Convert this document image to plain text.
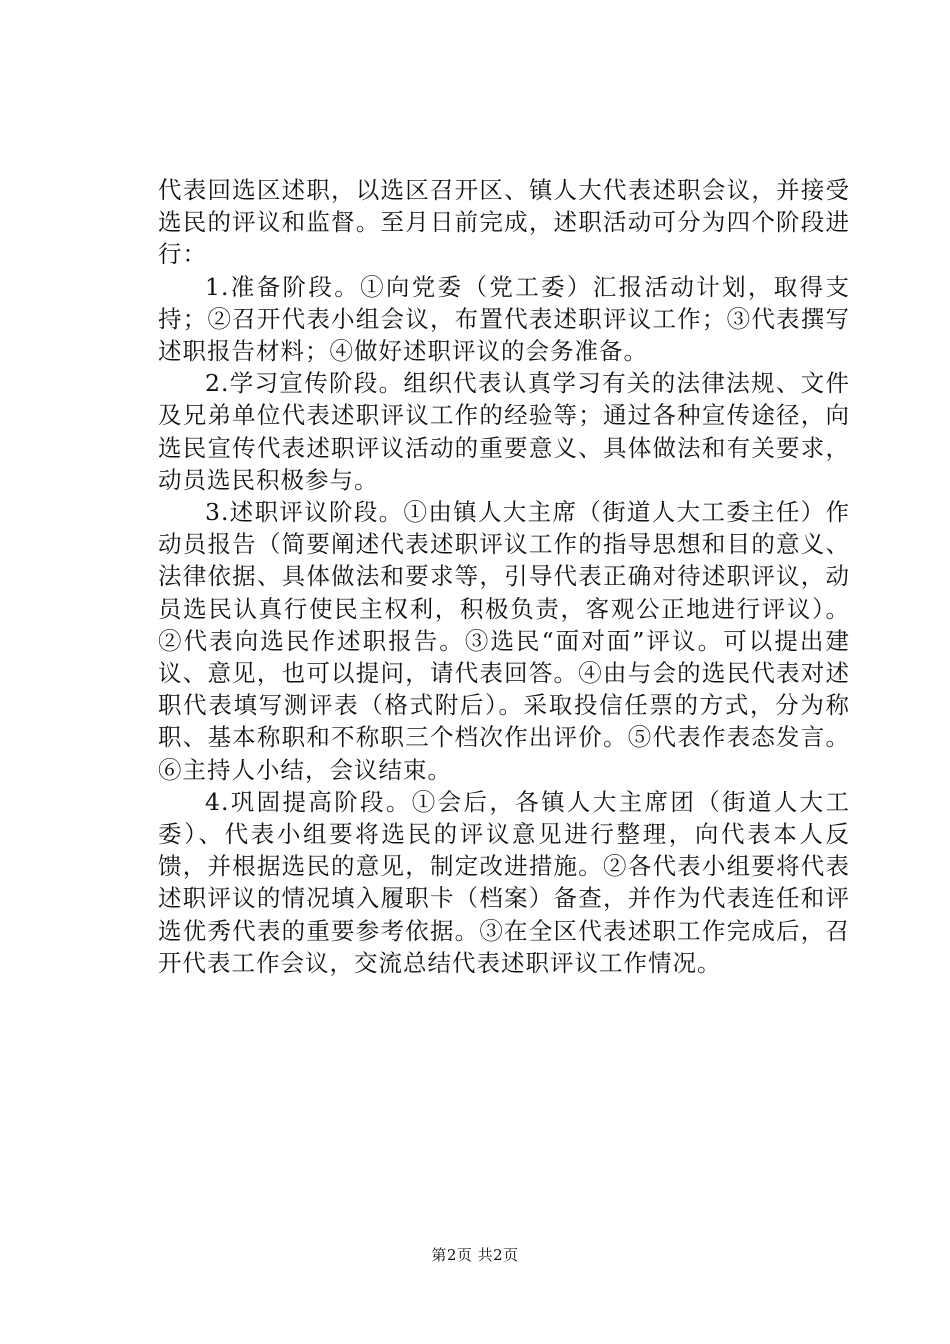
代表回选区述职，以选区召开区、镇人大代表述职会议，并接受选民的评议和监督。至月日前完成，述职活动可分为四个阶段进行：

1.准备阶段。①向党委（党工委）汇报活动计划，取得支持；②召开代表小组会议，布置代表述职评议工作；③代表撰写述职报告材料；④做好述职评议的会务准备。

2.学习宣传阶段。组织代表认真学习有关的法律法规、文件及兄弟单位代表述职评议工作的经验等；通过各种宣传途径，向选民宣传代表述职评议活动的重要意义、具体做法和有关要求，动员选民积极参与。

3.述职评议阶段。①由镇人大主席（街道人大工委主任）作动员报告（简要阐述代表述职评议工作的指导思想和目的意义、法律依据、具体做法和要求等，引导代表正确对待述职评议，动员选民认真行使民主权利，积极负责，客观公正地进行评议）。②代表向选民作述职报告。③选民“面对面”评议。可以提出建议、意见，也可以提问，请代表回答。④由与会的选民代表对述职代表填写测评表（格式附后）。采取投信任票的方式，分为称职、基本称职和不称职三个档次作出评价。⑤代表作表态发言。⑥主持人小结，会议结束。

4.巩固提高阶段。①会后，各镇人大主席团（街道人大工委）、代表小组要将选民的评议意见进行整理，向代表本人反馈，并根据选民的意见，制定改进措施。②各代表小组要将代表述职评议的情况填入履职卡（档案）备查，并作为代表连任和评选优秀代表的重要参考依据。③在全区代表述职工作完成后，召开代表工作会议，交流总结代表述职评议工作情况。

第2页 共2页
